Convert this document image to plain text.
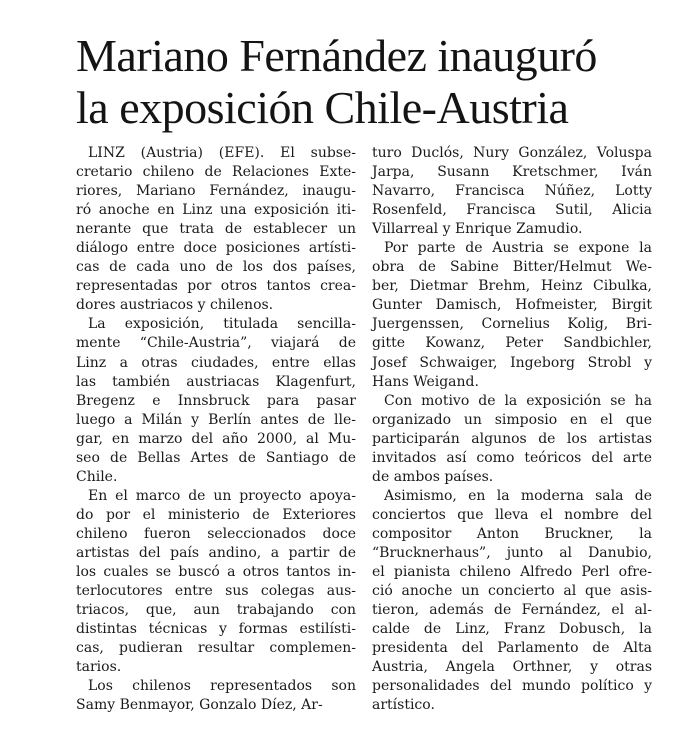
Mariano Fernández inauguró
la exposición Chile-Austria
LINZ (Austria) (EFE). El subse-
cretario chileno de Relaciones Exte-
riores, Mariano Fernández, inaugu-
ró anoche en Linz una exposición iti-
nerante que trata de establecer un
diálogo entre doce posiciones artísti-
cas de cada uno de los dos países,
representadas por otros tantos crea-
dores austriacos y chilenos.
La exposición, titulada sencilla-
mente “Chile-Austria”, viajará de
Linz a otras ciudades, entre ellas
las también austriacas Klagenfurt,
Bregenz e Innsbruck para pasar
luego a Milán y Berlín antes de lle-
gar, en marzo del año 2000, al Mu-
seo de Bellas Artes de Santiago de
Chile.
En el marco de un proyecto apoya-
do por el ministerio de Exteriores
chileno fueron seleccionados doce
artistas del país andino, a partir de
los cuales se buscó a otros tantos in-
terlocutores entre sus colegas aus-
triacos, que, aun trabajando con
distintas técnicas y formas estilísti-
cas, pudieran resultar complemen-
tarios.
Los chilenos representados son
Samy Benmayor, Gonzalo Díez, Ar-
turo Duclós, Nury González, Voluspa
Jarpa, Susann Kretschmer, Iván
Navarro, Francisca Núñez, Lotty
Rosenfeld, Francisca Sutil, Alicia
Villarreal y Enrique Zamudio.
Por parte de Austria se expone la
obra de Sabine Bitter/Helmut We-
ber, Dietmar Brehm, Heinz Cibulka,
Gunter Damisch, Hofmeister, Birgit
Juergenssen, Cornelius Kolig, Bri-
gitte Kowanz, Peter Sandbichler,
Josef Schwaiger, Ingeborg Strobl y
Hans Weigand.
Con motivo de la exposición se ha
organizado un simposio en el que
participarán algunos de los artistas
invitados así como teóricos del arte
de ambos países.
Asimismo, en la moderna sala de
conciertos que lleva el nombre del
compositor Anton Bruckner, la
“Brucknerhaus”, junto al Danubio,
el pianista chileno Alfredo Perl ofre-
ció anoche un concierto al que asis-
tieron, además de Fernández, el al-
calde de Linz, Franz Dobusch, la
presidenta del Parlamento de Alta
Austria, Angela Orthner, y otras
personalidades del mundo político y
artístico.
